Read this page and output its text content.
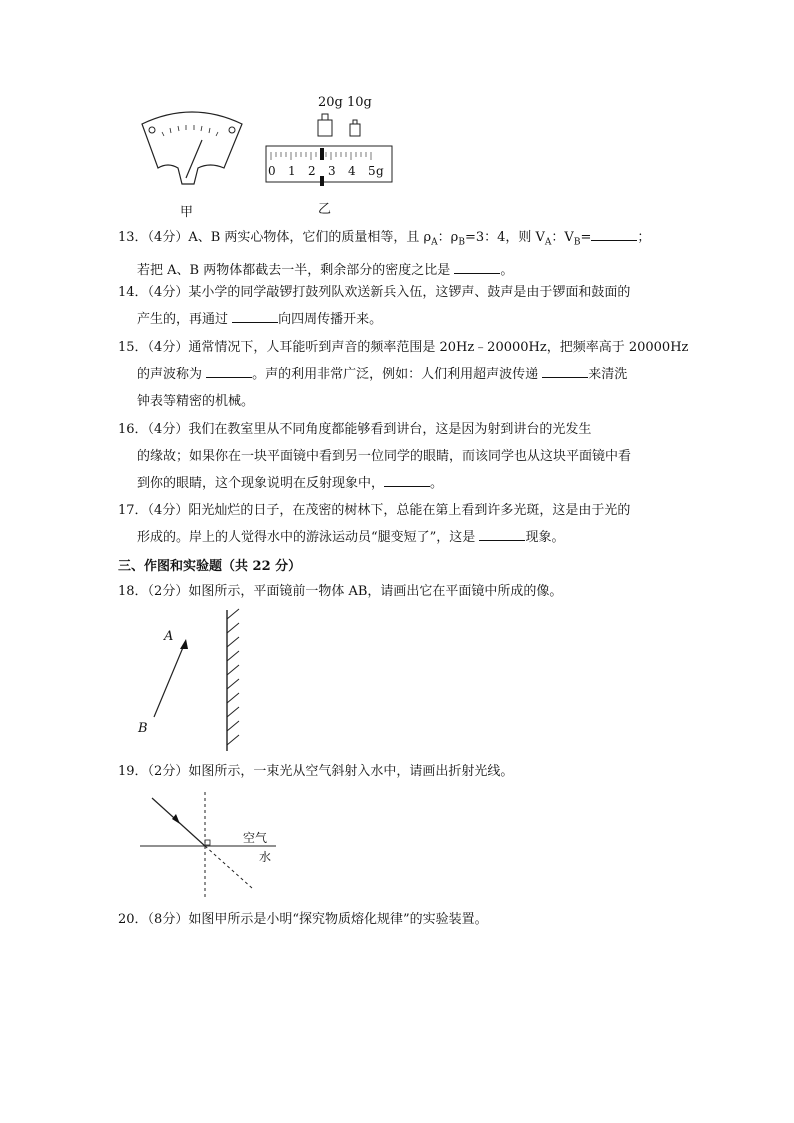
20g 10g
0 1 2 3 4 5 g
甲	乙
13．（4分）A、B 两实心物体，它们的质量相等，且 $\rho_A$：$\rho_B=3$：4，则 $V_A$：$V_B=$	；
若把 A、B 两物体都截去一半，剩余部分的密度之比是	。
14．（4分）某小学的同学敲锣打鼓列队欢送新兵入伍，这锣声、鼓声是由于锣面和鼓面的
产生的，再通过	向四周传播开来。
15．（4分）通常情况下，人耳能听到声音的频率范围是 20Hz﹣20000Hz，把频率高于 20000Hz
的声波称为	。声的利用非常广泛，例如：人们利用超声波传递	来清洗
钟表等精密的机械。
16．（4分）我们在教室里从不同角度都能够看到讲台，这是因为射到讲台的光发生
的缘故；如果你在一块平面镜中看到另一位同学的眼睛，而该同学也从这块平面镜中看
到你的眼睛，这个现象说明在反射现象中，	。
17．（4分）阳光灿烂的日子，在茂密的树林下，总能在第上看到许多光斑，这是由于光的
形成的。岸上的人觉得水中的游泳运动员“腿变短了”，这是	现象。
三、作图和实验题（共 22 分）
18．（2分）如图所示，平面镜前一物体 AB，请画出它在平面镜中所成的像。
A
B
19．（2分）如图所示，一束光从空气斜射入水中，请画出折射光线。
空气
水
20．（8分）如图甲所示是小明“探究物质熔化规律”的实验装置。
